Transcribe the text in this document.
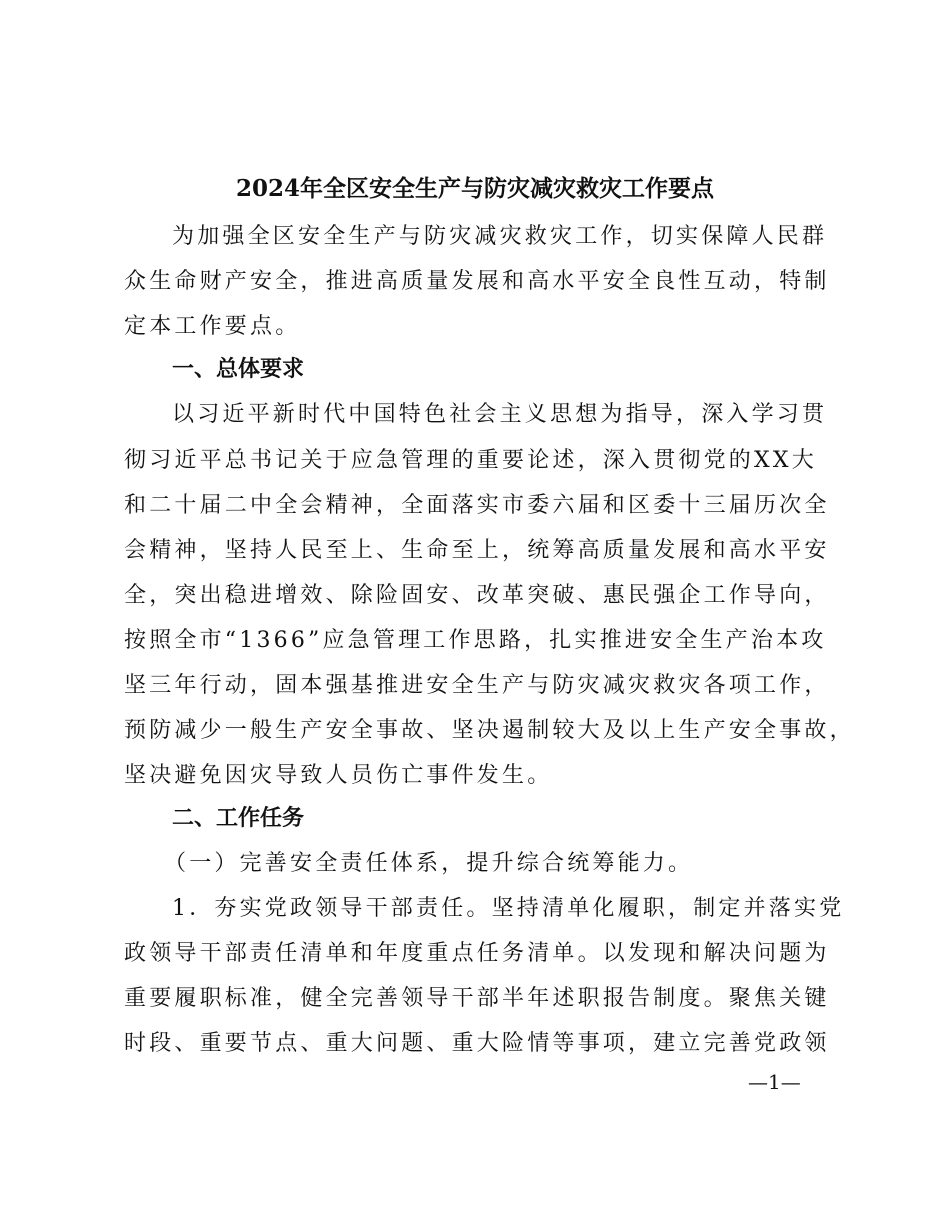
2024年全区安全生产与防灾减灾救灾工作要点
为加强全区安全生产与防灾减灾救灾工作，切实保障人民群
众生命财产安全，推进高质量发展和高水平安全良性互动，特制
定本工作要点。
一、总体要求
以习近平新时代中国特色社会主义思想为指导，深入学习贯
彻习近平总书记关于应急管理的重要论述，深入贯彻党的XX大
和二十届二中全会精神，全面落实市委六届和区委十三届历次全
会精神，坚持人民至上、生命至上，统筹高质量发展和高水平安
全，突出稳进增效、除险固安、改革突破、惠民强企工作导向，
按照全市“1366”应急管理工作思路，扎实推进安全生产治本攻
坚三年行动，固本强基推进安全生产与防灾减灾救灾各项工作，
预防减少一般生产安全事故、坚决遏制较大及以上生产安全事故，
坚决避免因灾导致人员伤亡事件发生。
二、工作任务
（一）完善安全责任体系，提升综合统筹能力。
1．夯实党政领导干部责任。坚持清单化履职，制定并落实党
政领导干部责任清单和年度重点任务清单。以发现和解决问题为
重要履职标准，健全完善领导干部半年述职报告制度。聚焦关键
时段、重要节点、重大问题、重大险情等事项，建立完善党政领
—1—
